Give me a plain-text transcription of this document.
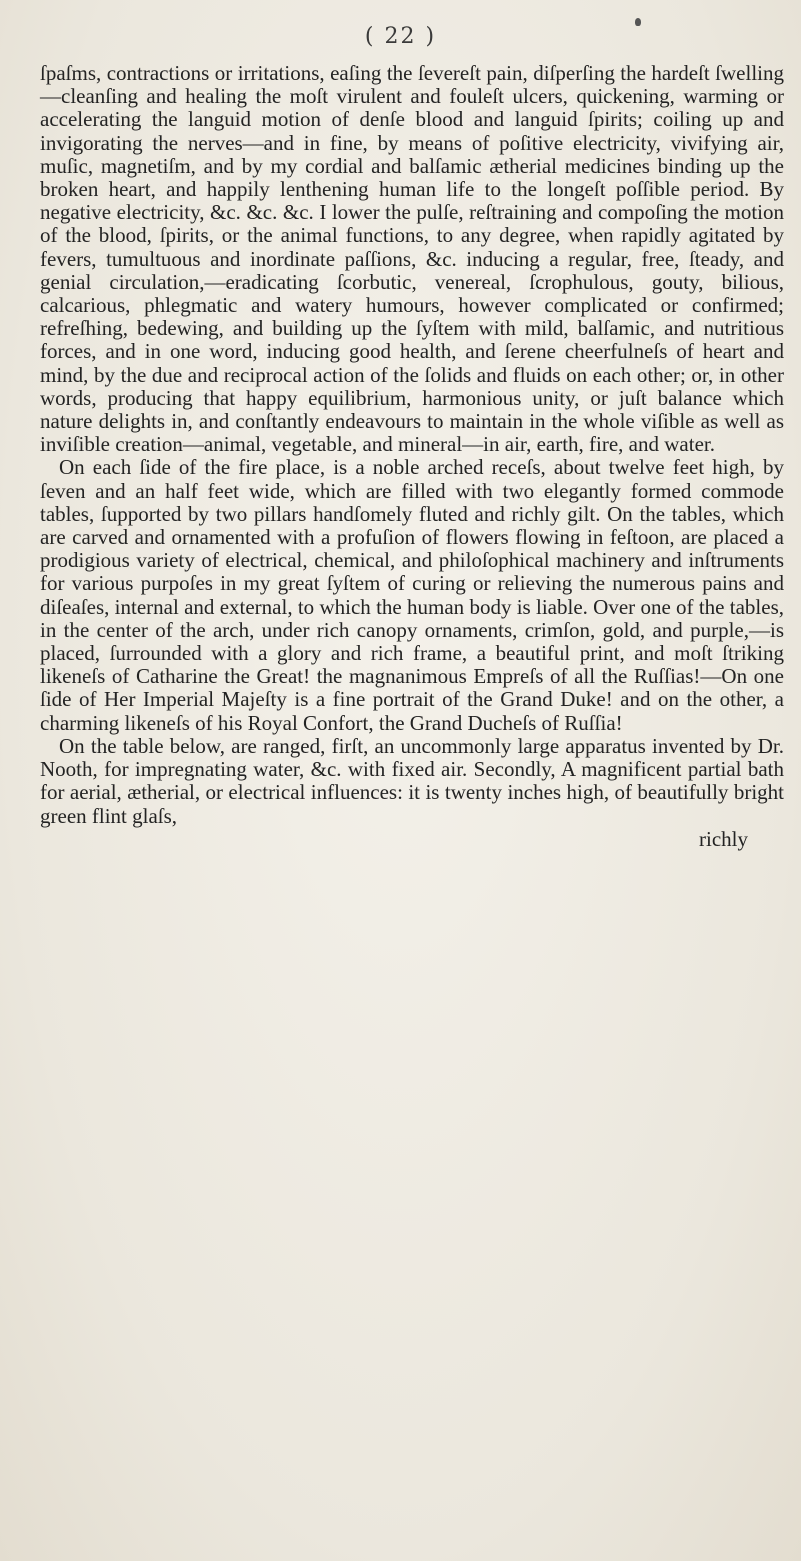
( 22 )

ſpaſms, contractions or irritations, eaſing the ſevereſt pain, diſperſing the hardeſt ſwelling—cleanſing and healing the moſt virulent and fouleſt ulcers, quickening, warming or accelerating the languid motion of denſe blood and languid ſpirits; coiling up and invigorating the nerves—and in fine, by means of poſitive electricity, vivifying air, muſic, magnetiſm, and by my cordial and balſamic ætherial medicines binding up the broken heart, and happily lenthening human life to the longeſt poſſible period. By negative electricity, &c. &c. &c. I lower the pulſe, reſtraining and compoſing the motion of the blood, ſpirits, or the animal functions, to any degree, when rapidly agitated by fevers, tumultuous and inordinate paſſions, &c. inducing a regular, free, ſteady, and genial circulation,—eradicating ſcorbutic, venereal, ſcrophulous, gouty, bilious, calcarious, phlegmatic and watery humours, however complicated or confirmed; refreſhing, bedewing, and building up the ſyſtem with mild, balſamic, and nutritious forces, and in one word, inducing good health, and ſerene cheerfulneſs of heart and mind, by the due and reciprocal action of the ſolids and fluids on each other; or, in other words, producing that happy equilibrium, harmonious unity, or juſt balance which nature delights in, and conſtantly endeavours to maintain in the whole viſible as well as inviſible creation—animal, vegetable, and mineral—in air, earth, fire, and water.

On each ſide of the fire place, is a noble arched receſs, about twelve feet high, by ſeven and an half feet wide, which are filled with two elegantly formed commode tables, ſupported by two pillars handſomely fluted and richly gilt. On the tables, which are carved and ornamented with a profuſion of flowers flowing in feſtoon, are placed a prodigious variety of electrical, chemical, and philoſophical machinery and inſtruments for various purpoſes in my great ſyſtem of curing or relieving the numerous pains and diſeaſes, internal and external, to which the human body is liable. Over one of the tables, in the center of the arch, under rich canopy ornaments, crimſon, gold, and purple,—is placed, ſurrounded with a glory and rich frame, a beautiful print, and moſt ſtriking likeneſs of Catharine the Great! the magnanimous Empreſs of all the Ruſſias!—On one ſide of Her Imperial Majeſty is a fine portrait of the Grand Duke! and on the other, a charming likeneſs of his Royal Confort, the Grand Ducheſs of Ruſſia!

On the table below, are ranged, firſt, an uncommonly large apparatus invented by Dr. Nooth, for impregnating water, &c. with fixed air. Secondly, A magnificent partial bath for aerial, ætherial, or electrical influences: it is twenty inches high, of beautifully bright green flint glaſs,

richly
